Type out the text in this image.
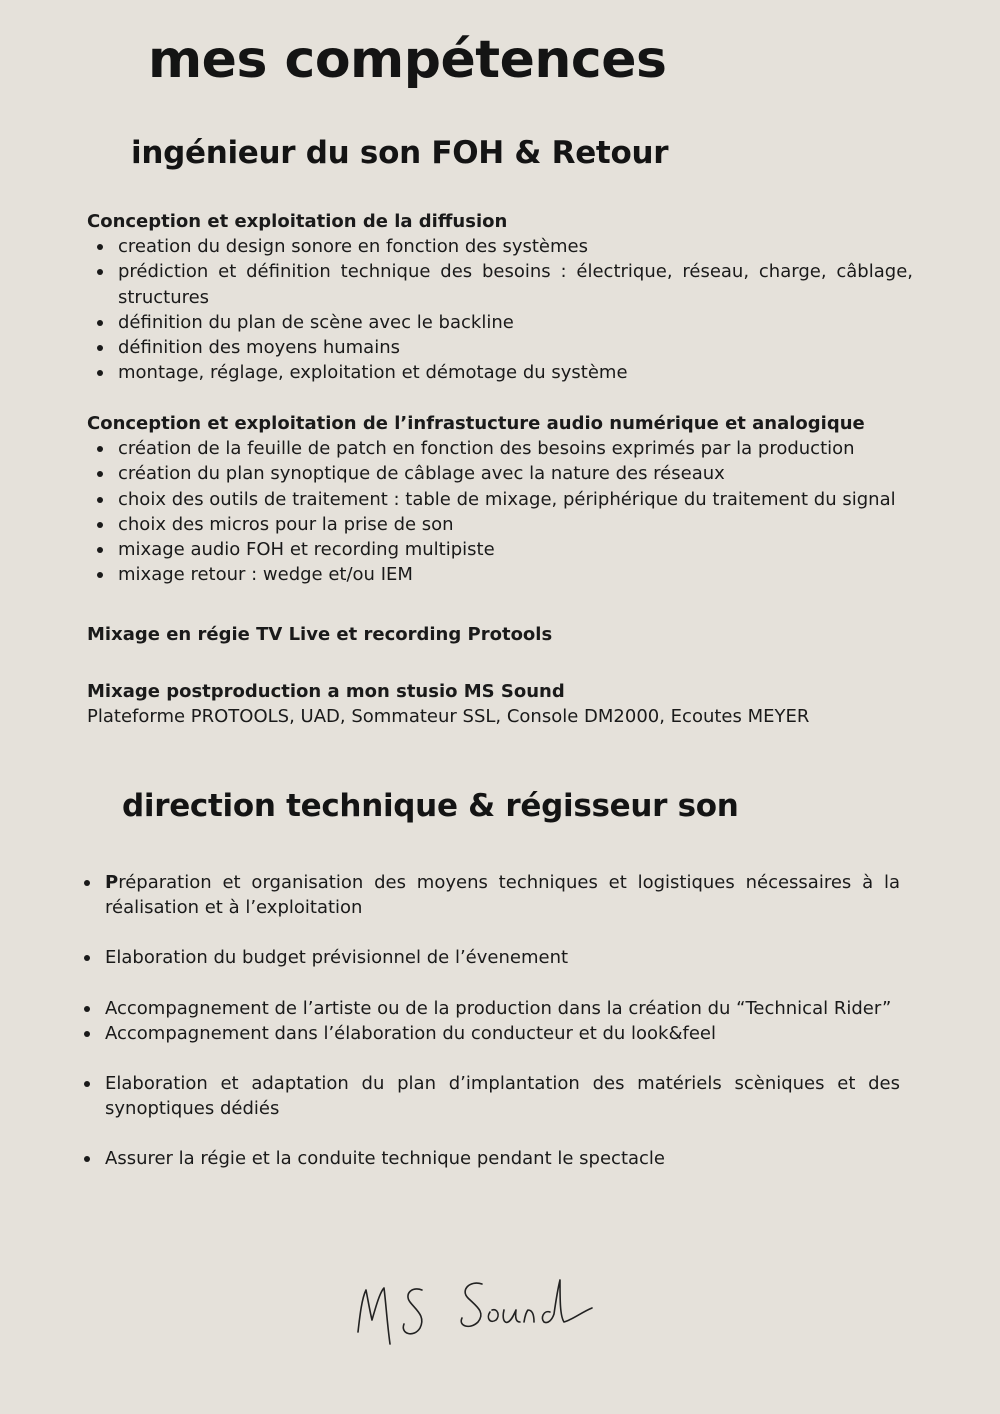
mes compétences
ingénieur du son FOH & Retour
Conception et exploitation de la diffusion
creation du design sonore en fonction des systèmes
prédiction et définition technique des besoins : électrique, réseau, charge, câblage, structures
définition du plan de scène avec le backline
définition des moyens humains
montage, réglage, exploitation et démotage du système
Conception et exploitation de l’infrastucture audio numérique et analogique
création de la feuille de patch en fonction des besoins exprimés par la production
création du plan synoptique de câblage avec la nature des réseaux
choix des outils de traitement : table de mixage, périphérique du traitement du signal
choix des micros pour la prise de son
mixage audio FOH et recording multipiste
mixage retour : wedge et/ou IEM
Mixage en régie TV Live et recording Protools
Mixage postproduction a mon stusio MS Sound
Plateforme PROTOOLS, UAD, Sommateur SSL, Console DM2000, Ecoutes MEYER
direction technique & régisseur son
Préparation et organisation des moyens techniques et logistiques nécessaires à la réalisation et à l’exploitation
Elaboration du budget prévisionnel de l’évenement
Accompagnement de l’artiste ou de la production dans la création du “Technical Rider”
Accompagnement dans l’élaboration du conducteur et du look&feel
Elaboration et adaptation du plan d’implantation des matériels scèniques et des synoptiques dédiés
Assurer la régie et la conduite technique pendant le spectacle
